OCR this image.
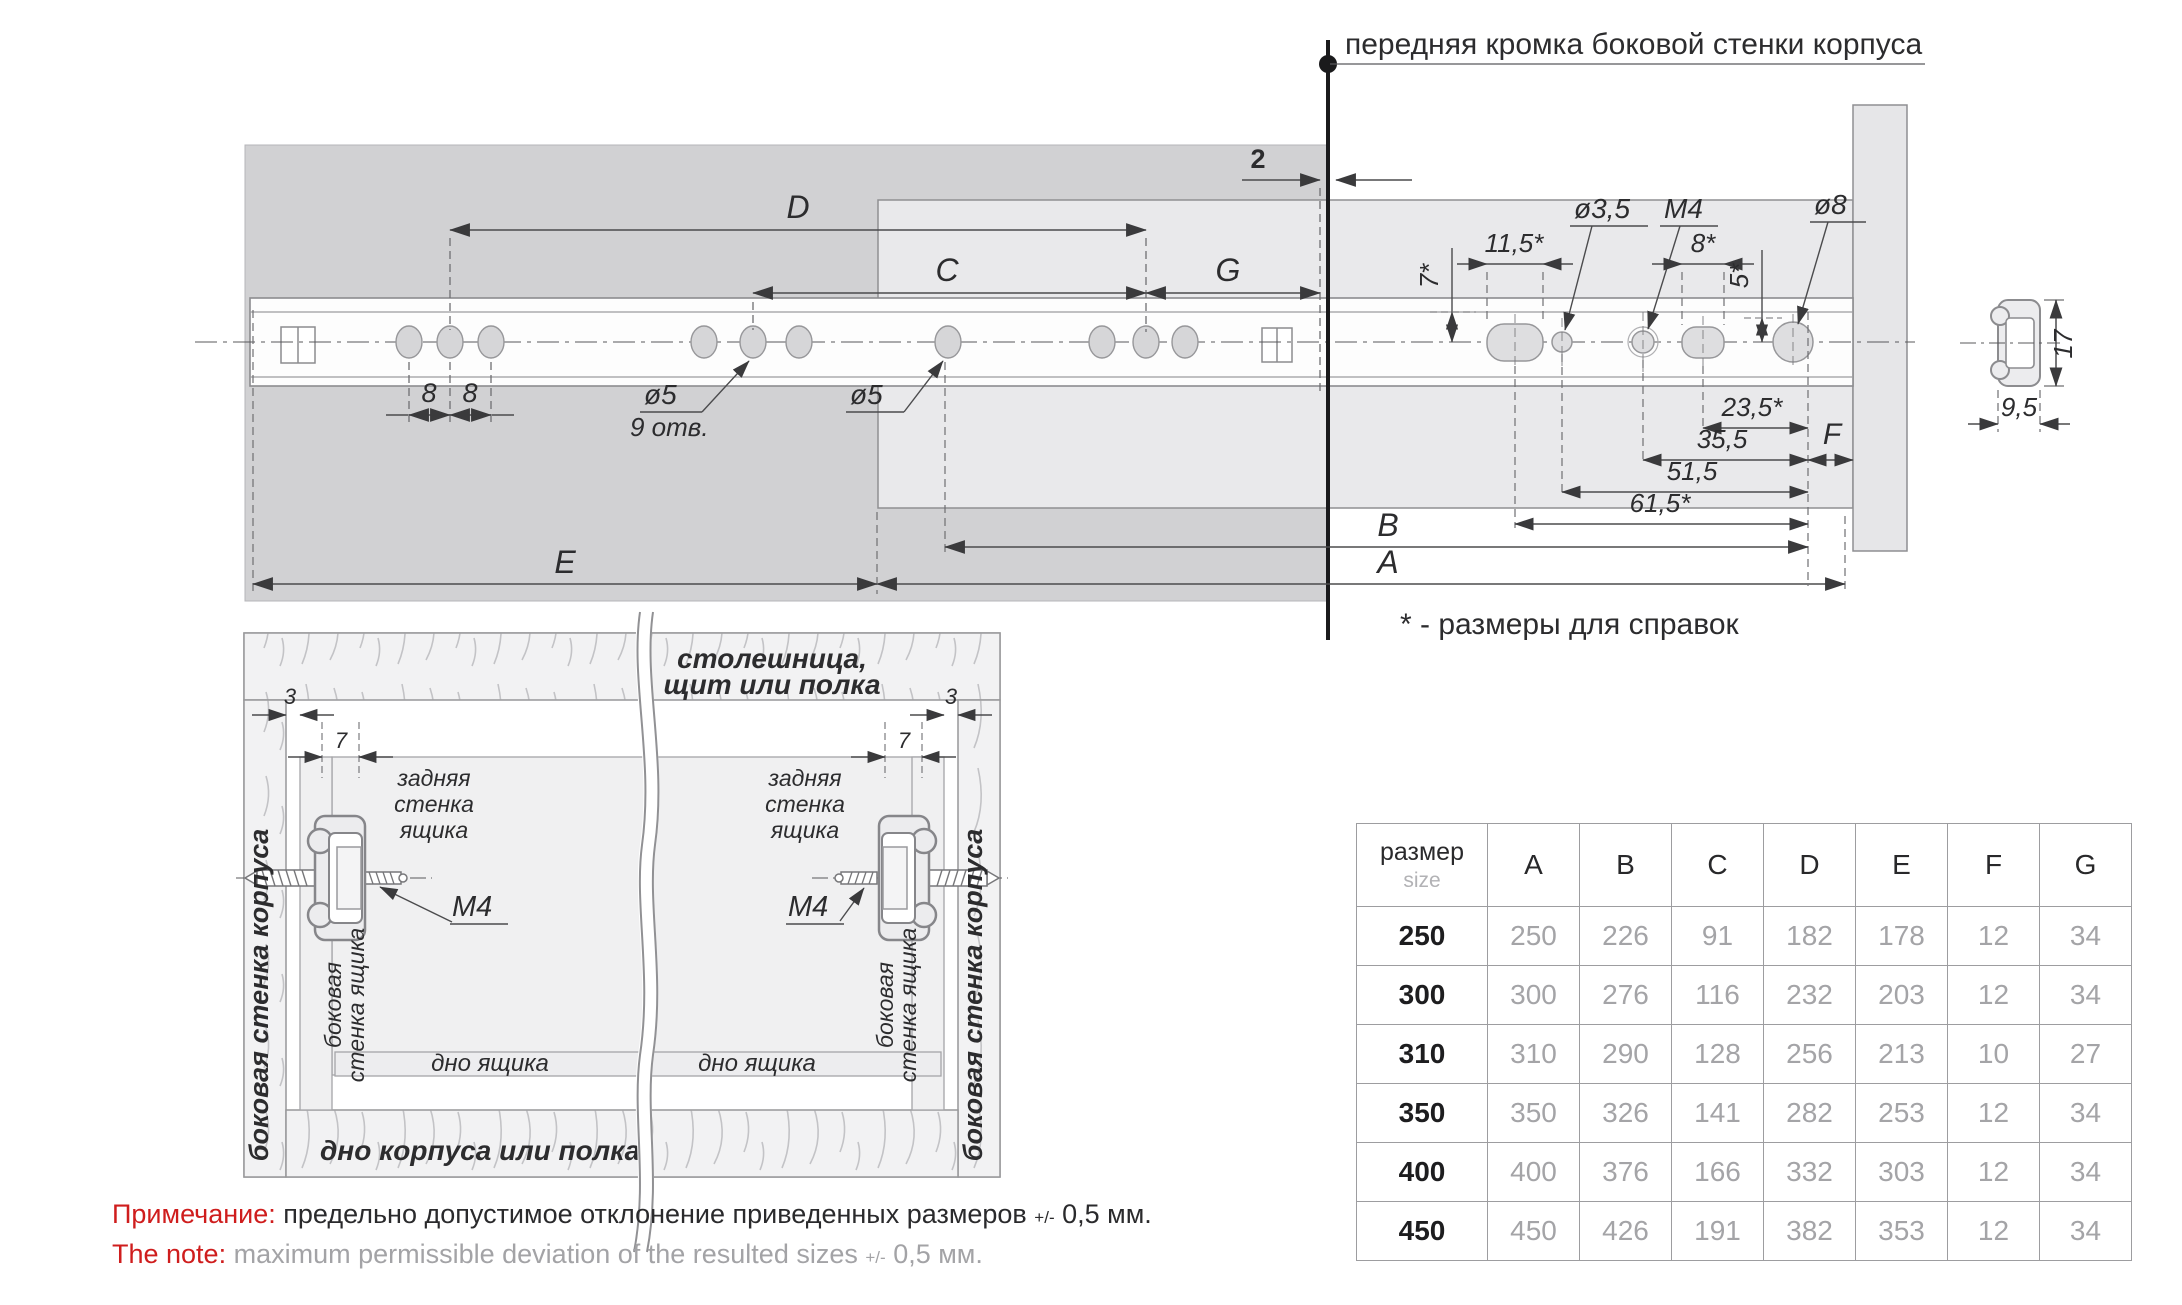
передняя кромка боковой стенки корпуса
2
D
C	G
8 8	ø5
9 отв.
ø5
7*
11,5*
ø3,5 M4
8*
5*
ø8
23,5*
35,5
51,5
61,5*
F
B
A
E
* - размеры для справок
17
9,5
M4	M4
3	3
7	7
столешница,
щит или полка
задняя
стенка
ящика
задняя
стенка
ящика
боковая стенка корпуса	боковая стенка корпуса
боковая
стенка ящика	боковая
стенка ящика
дно ящика	дно ящика
дно корпуса или полка
Примечание: предельно допустимое отклонение приведенных размеров +/- 0,5 мм.
The note: maximum permissible deviation of the resulted sizes +/- 0,5 мм.
размер
size	A	B	C	D	E	F	G
250	250	226	91	182	178	12	34
300	300	276	116	232	203	12	34
310	310	290	128	256	213	10	27
350	350	326	141	282	253	12	34
400	400	376	166	332	303	12	34
450	450	426	191	382	353	12	34
